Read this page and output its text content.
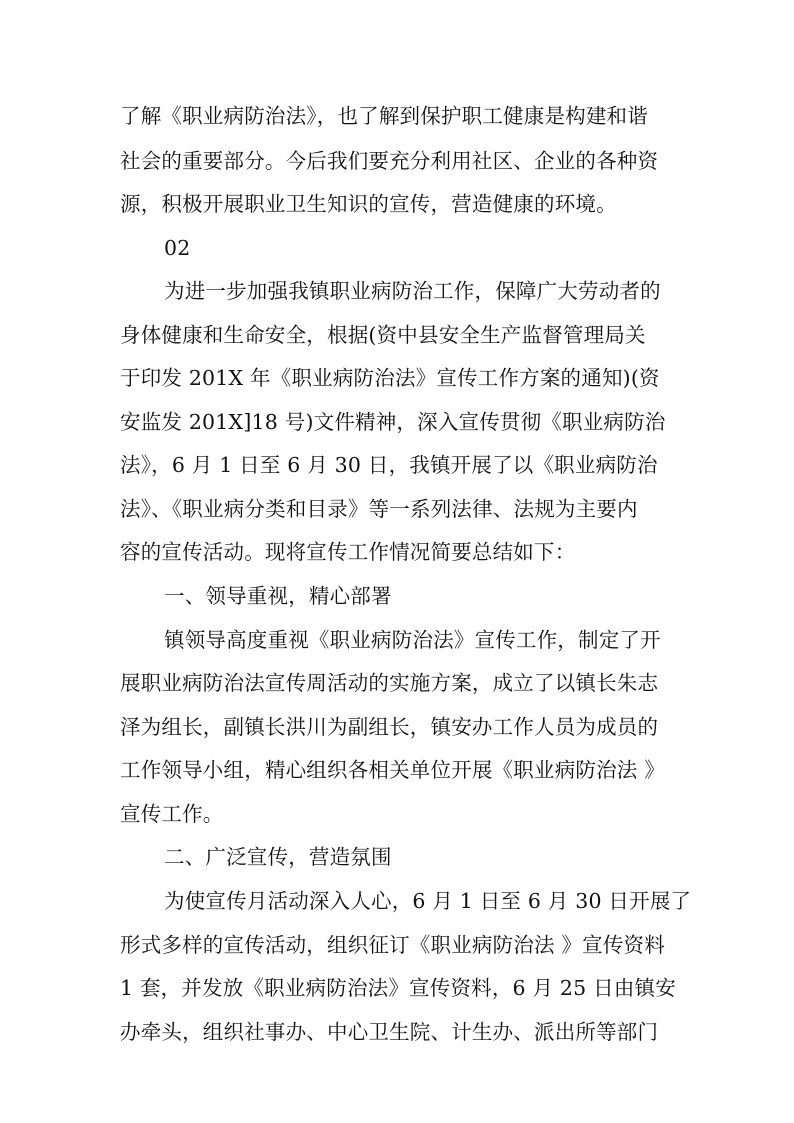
了解《职业病防治法》，也了解到保护职工健康是构建和谐

社会的重要部分。今后我们要充分利用社区、企业的各种资

源，积极开展职业卫生知识的宣传，营造健康的环境。

02

为进一步加强我镇职业病防治工作，保障广大劳动者的

身体健康和生命安全，根据(资中县安全生产监督管理局关

于印发 201X 年《职业病防治法》宣传工作方案的通知)(资

安监发 201X]18 号)文件精神，深入宣传贯彻《职业病防治

法》，6 月 1 日至 6 月 30 日，我镇开展了以《职业病防治

法》、《职业病分类和目录》等一系列法律、法规为主要内

容的宣传活动。现将宣传工作情况简要总结如下：

一、领导重视，精心部署

镇领导高度重视《职业病防治法》宣传工作，制定了开

展职业病防治法宣传周活动的实施方案，成立了以镇长朱志

泽为组长，副镇长洪川为副组长，镇安办工作人员为成员的

工作领导小组，精心组织各相关单位开展《职业病防治法 》

宣传工作。

二、广泛宣传，营造氛围

为使宣传月活动深入人心，6 月 1 日至 6 月 30 日开展了

形式多样的宣传活动，组织征订《职业病防治法 》宣传资料

1 套，并发放《职业病防治法》宣传资料，6 月 25 日由镇安

办牵头，组织社事办、中心卫生院、计生办、派出所等部门
